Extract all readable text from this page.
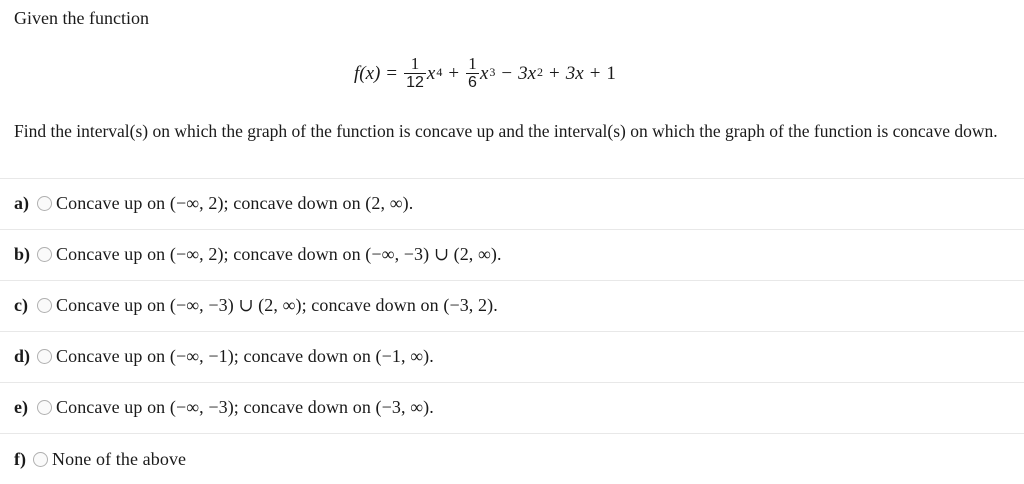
Given the function
$f(x) = \frac{1}{12} x^4 + \frac{1}{6} x^3 - 3x^2 + 3x + 1$
Find the interval(s) on which the graph of the function is concave up and the interval(s) on which the graph of the function is concave down.
a)	Concave up on (−∞, 2); concave down on (2, ∞).
b)	Concave up on (−∞, 2); concave down on (−∞, −3) ∪ (2, ∞).
c)	Concave up on (−∞, −3) ∪ (2, ∞); concave down on (−3, 2).
d)	Concave up on (−∞, −1); concave down on (−1, ∞).
e)	Concave up on (−∞, −3); concave down on (−3, ∞).
f)	None of the above
